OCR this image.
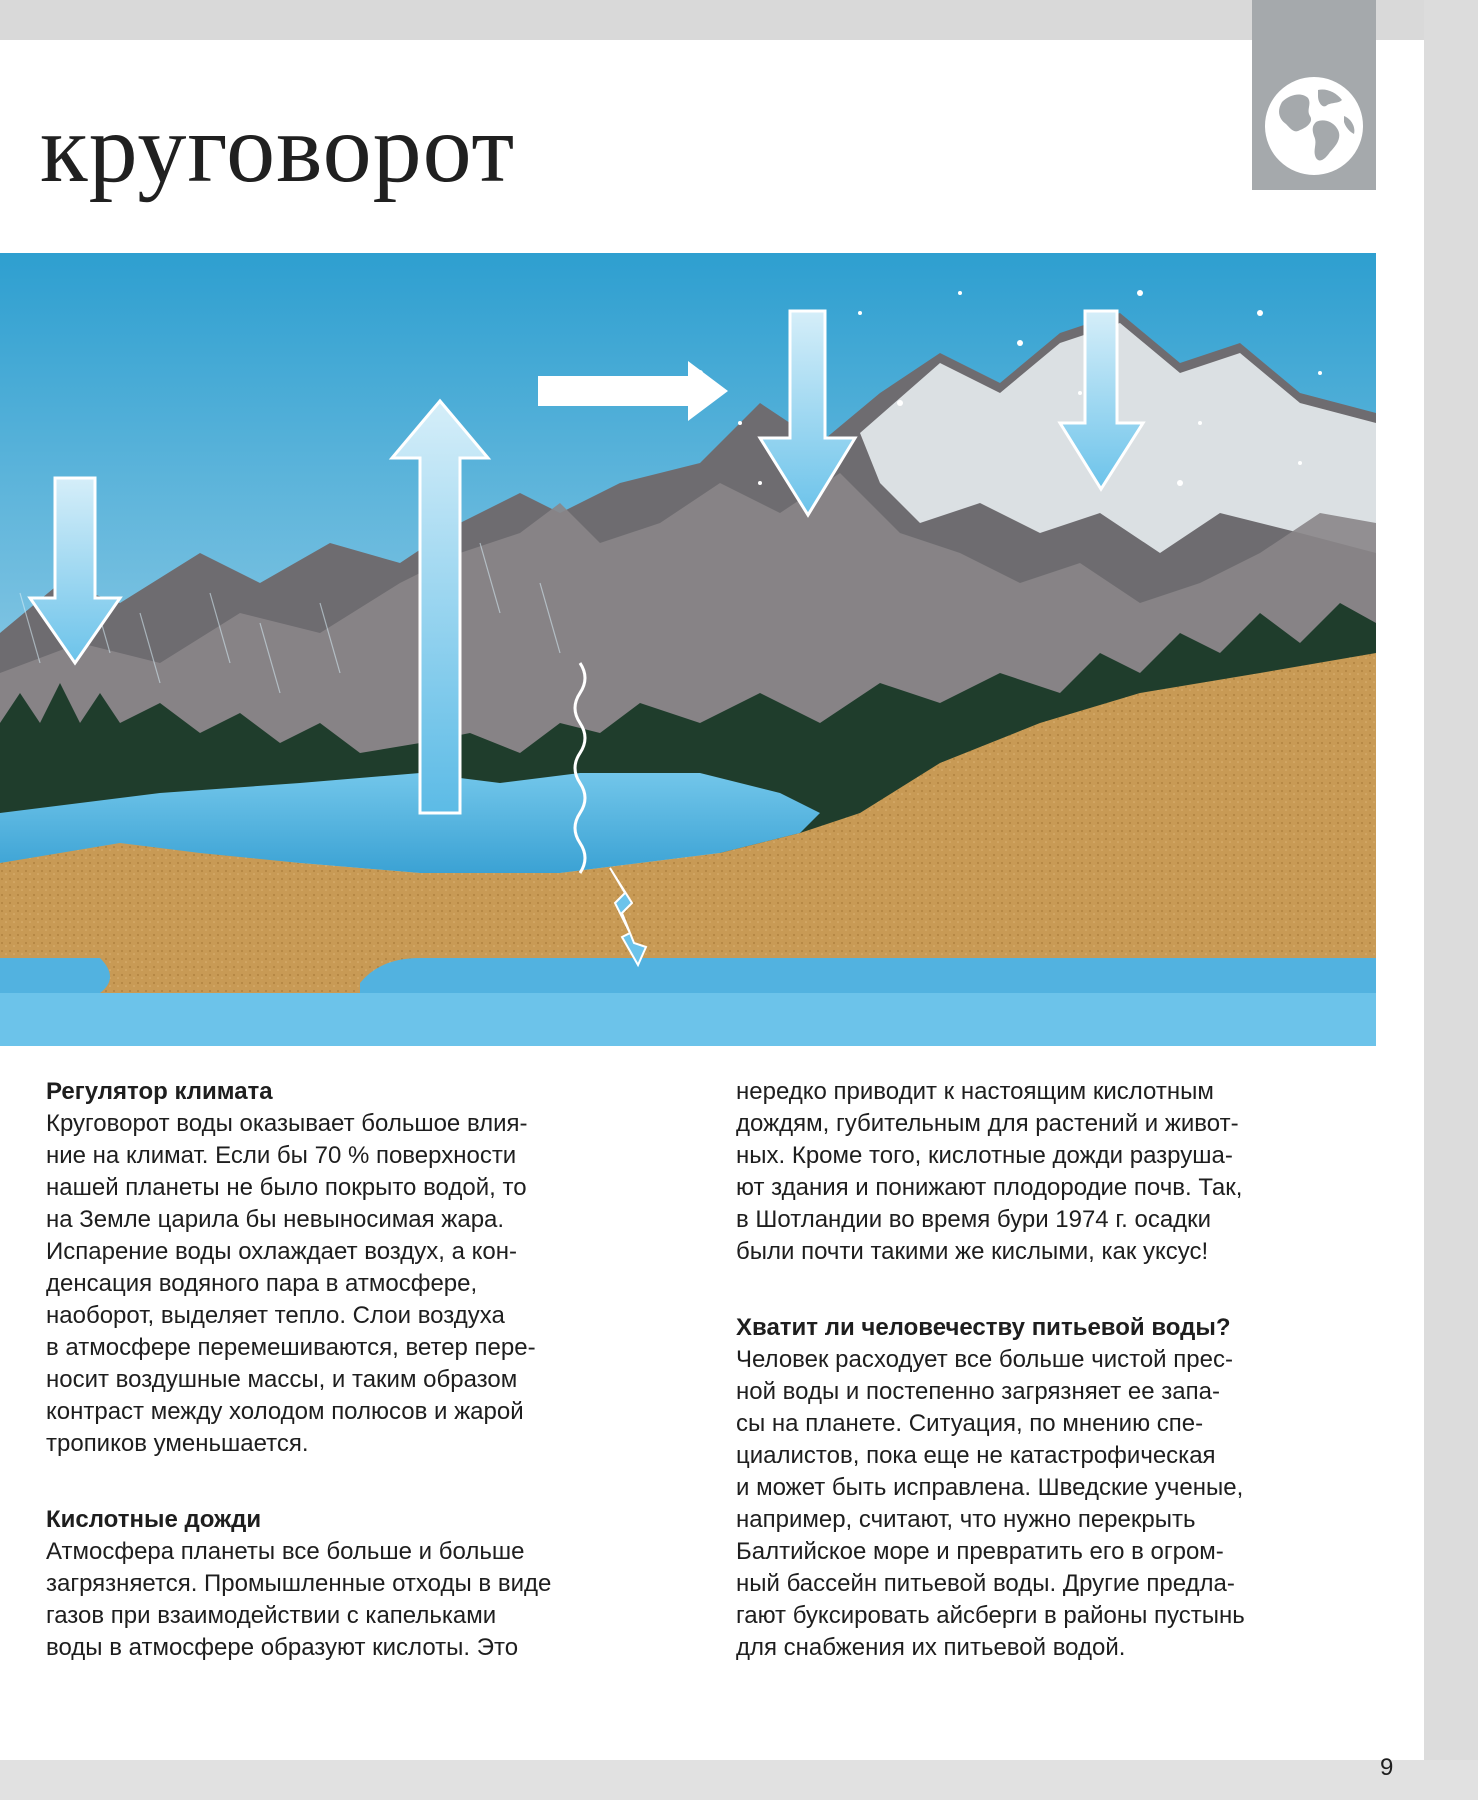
круговорот

Регулятор климата

Круговорот воды оказывает большое влия-
ние на климат. Если бы 70 % поверхности
нашей планеты не было покрыто водой, то
на Земле царила бы невыносимая жара.
Испарение воды охлаждает воздух, а кон-
денсация водяного пара в атмосфере,
наоборот, выделяет тепло. Слои воздуха
в атмосфере перемешиваются, ветер пере-
носит воздушные массы, и таким образом
контраст между холодом полюсов и жарой
тропиков уменьшается.

Кислотные дожди

Атмосфера планеты все больше и больше
загрязняется. Промышленные отходы в виде
газов при взаимодействии с капельками
воды в атмосфере образуют кислоты. Это

нередко приводит к настоящим кислотным
дождям, губительным для растений и живот-
ных. Кроме того, кислотные дожди разруша-
ют здания и понижают плодородие почв. Так,
в Шотландии во время бури 1974 г. осадки
были почти такими же кислыми, как уксус!

Хватит ли человечеству питьевой воды?

Человек расходует все больше чистой прес-
ной воды и постепенно загрязняет ее запа-
сы на планете. Ситуация, по мнению спе-
циалистов, пока еще не катастрофическая
и может быть исправлена. Шведские ученые,
например, считают, что нужно перекрыть
Балтийское море и превратить его в огром-
ный бассейн питьевой воды. Другие предла-
гают буксировать айсберги в районы пустынь
для снабжения их питьевой водой.

9
